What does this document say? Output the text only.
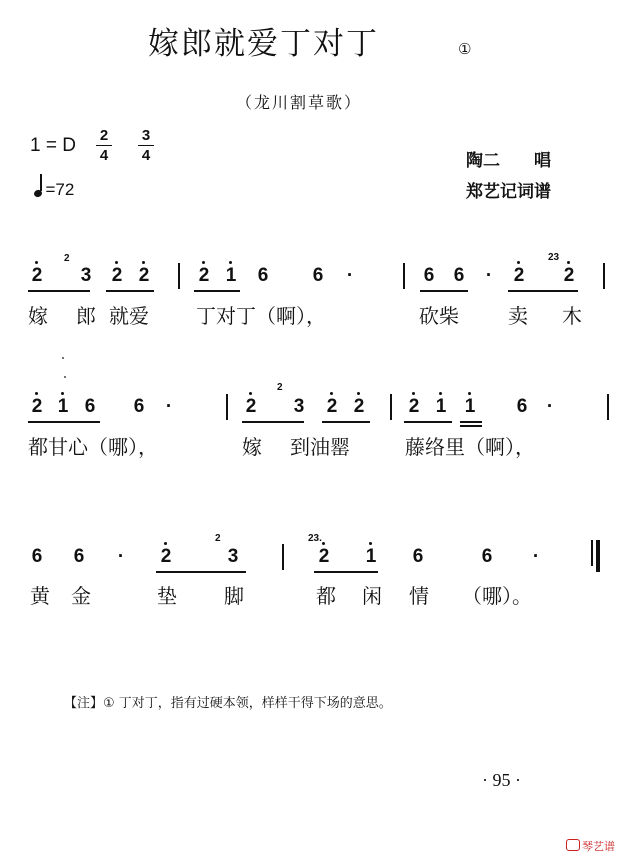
嫁郎就爱丁对丁	①
（龙川割草歌）
1 = D 2
4
3
4
=72
陶二　　唱
郑艺记词谱
2	23
2 3 2 2	2 1 6 6 ·	6 6 · 2 2
嫁 郎 就爱 丁对丁（啊），	砍柴 卖 木
2
2 1 6 6 ·	2 3 2 2 2 1 1 6 ·
都甘心（哪），	嫁 到油罂	藤络里（啊），
2	23.
6 6 · 2	3	2 1 6	6 ·
黄 金	垫 脚	都 闲 情 （哪）。
【注】① 丁对丁，指有过硬本领，样样干得下场的意思。
· 95 ·
琴艺谱
